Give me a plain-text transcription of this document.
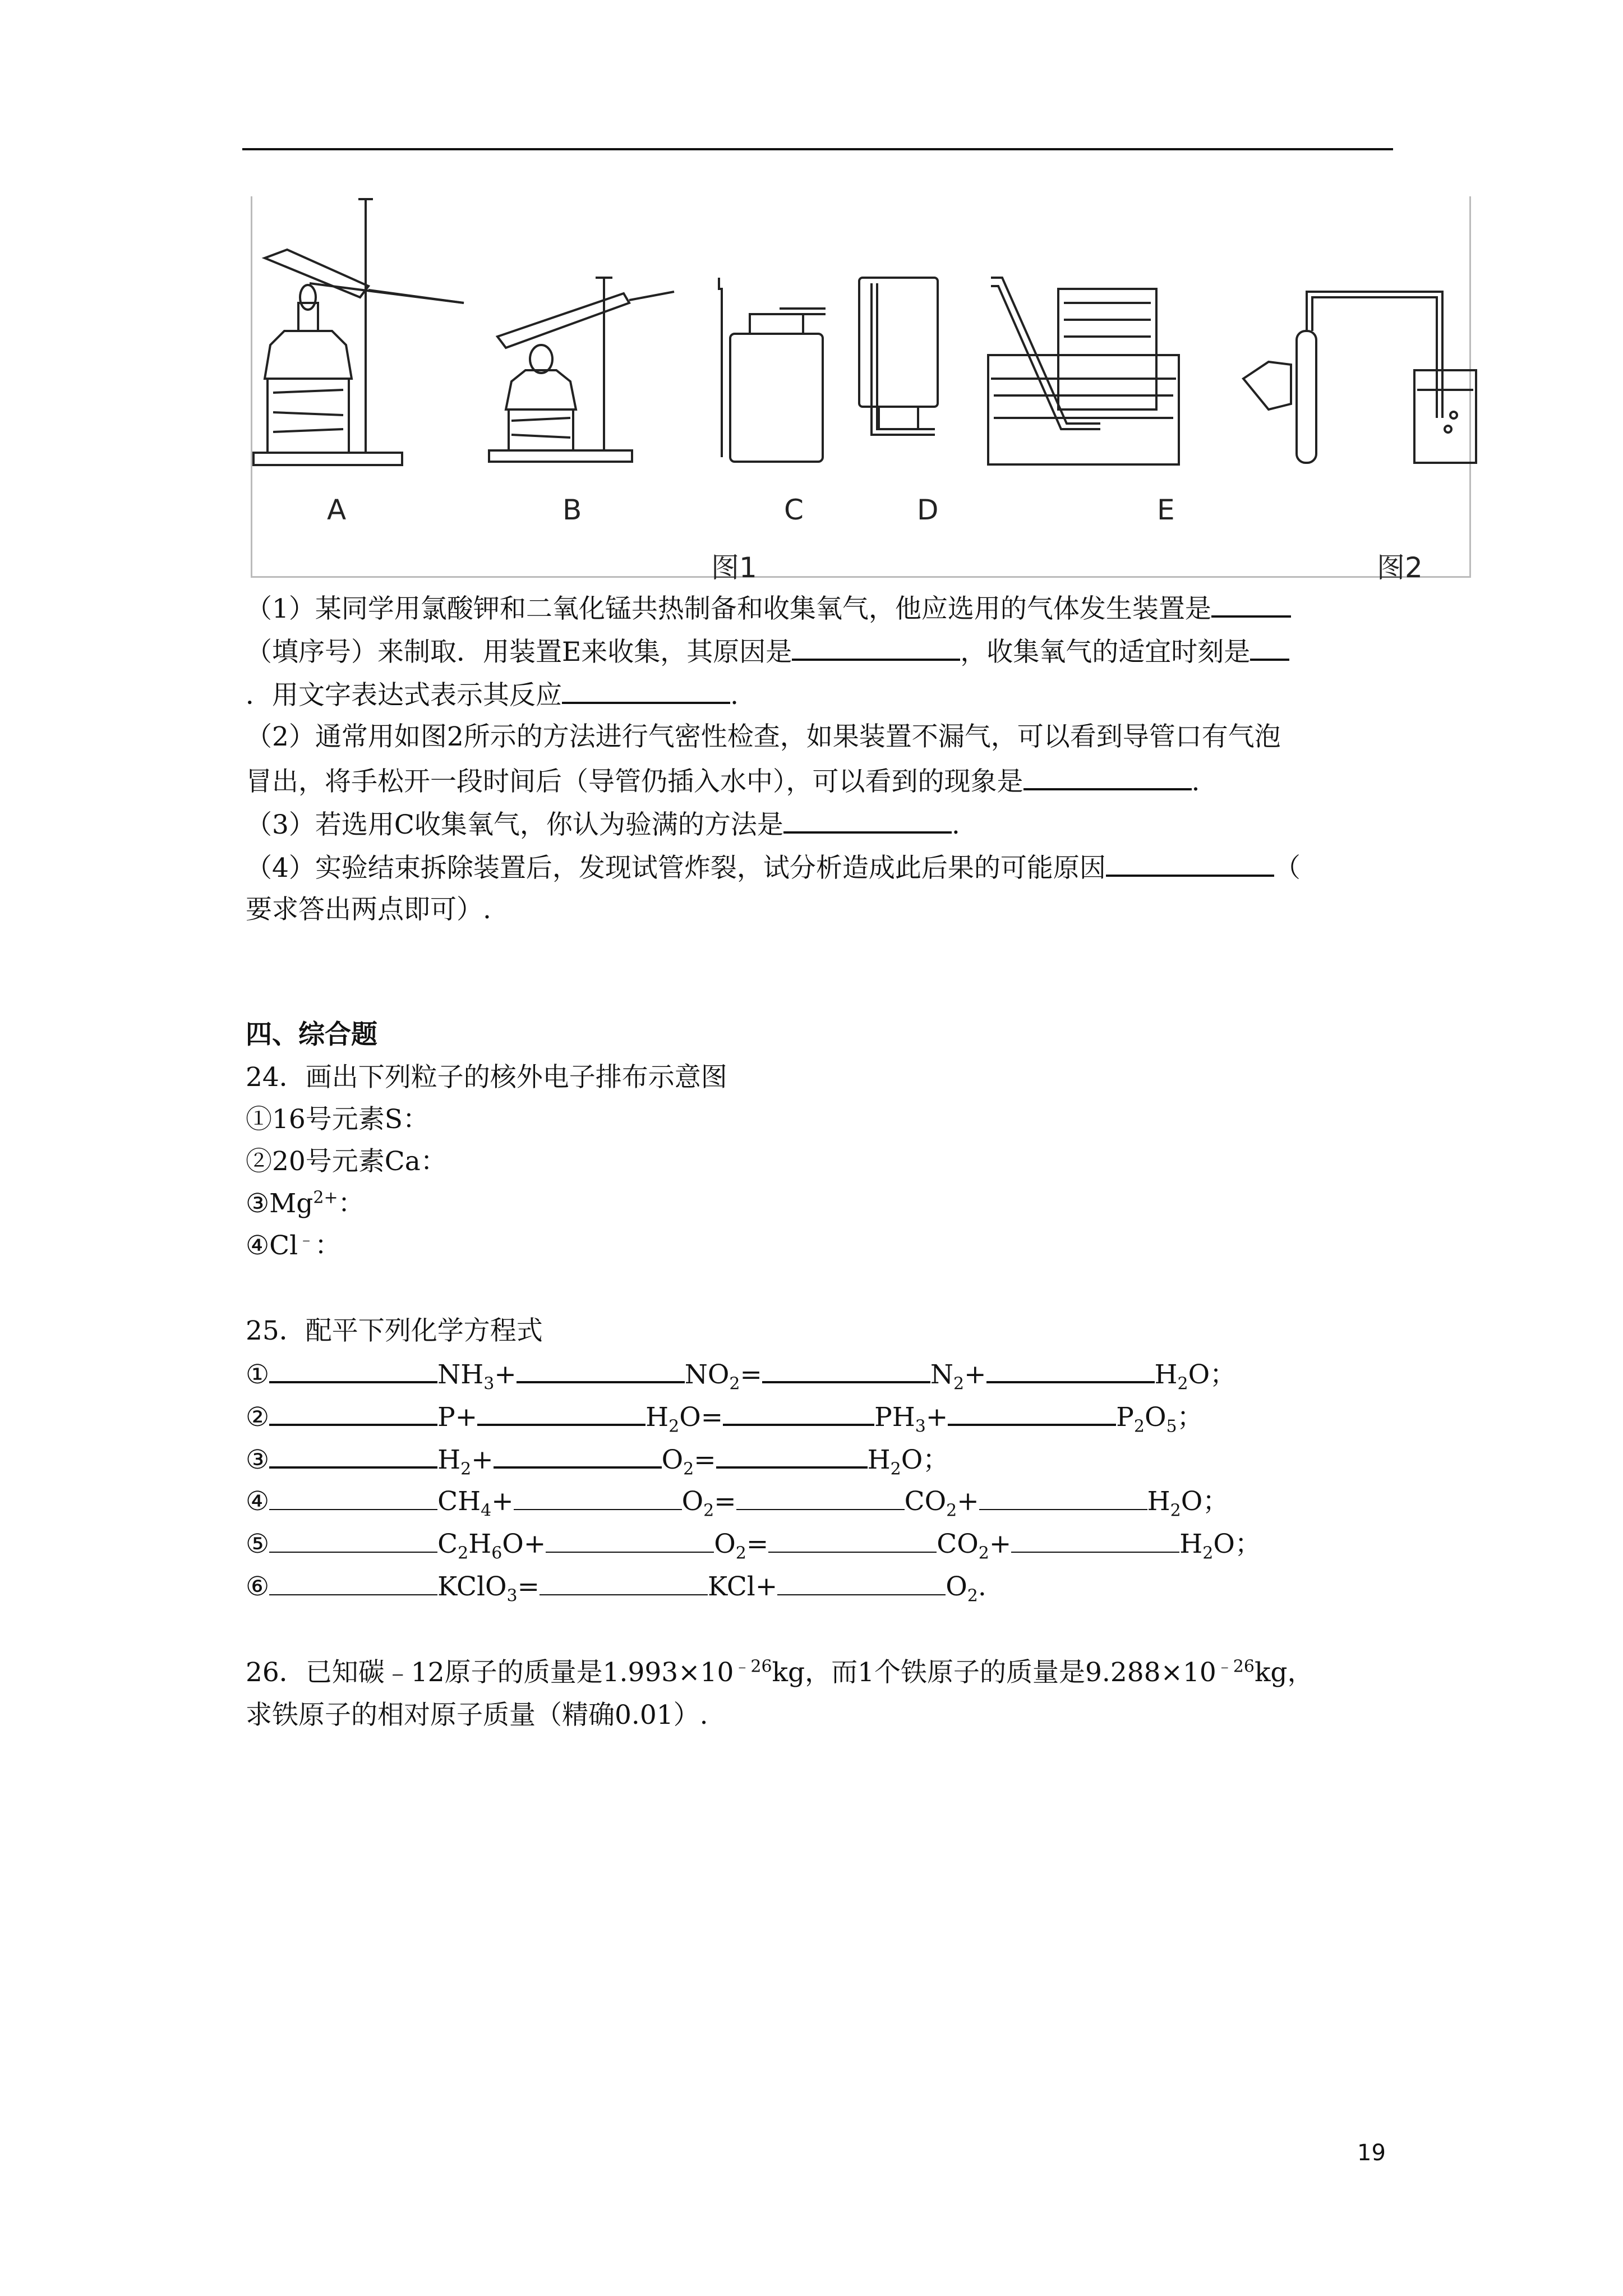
A	B	C	D	E
图1	图2
（1）某同学用氯酸钾和二氧化锰共热制备和收集氧气，他应选用的气体发生装置是
（填序号）来制取．用装置E来收集，其原因是	，收集氧气的适宜时刻是
．用文字表达式表示其反应	.
（2）通常用如图2所示的方法进行气密性检查，如果装置不漏气，可以看到导管口有气泡
冒出，将手松开一段时间后（导管仍插入水中），可以看到的现象是	.
（3）若选用C收集氧气，你认为验满的方法是	.
（4）实验结束拆除装置后，发现试管炸裂，试分析造成此后果的可能原因	（
要求答出两点即可）.
四、综合题
24．画出下列粒子的核外电子排布示意图
①16号元素S：
②20号元素Ca：
$③Mg^{2+}$：
④Cl﹣：
25．配平下列化学方程式
①	$NH_3+$	$NO_2=$	$N_2+$	$H_2O$；
②	P+	$H_2O=$	$PH_3+$	$P_2O_5$；
③	$H_2+$	$O_2=$	$H_2O$；
④	$CH_4+$	$O_2=$	$CO_2+$	$H_2O$；
⑤	$C_2H_6O+$	$O_2=$	$CO_2+$	$H_2O$；
⑥	KClO$_3$=	KCl+	$O_2$.
26．已知碳﹣12原子的质量是$1.993\times 10^{﹣26}kg$，而1个铁原子的质量是$9.288\times 10^{﹣26}kg$，
求铁原子的相对原子质量（精确0.01）.
19
